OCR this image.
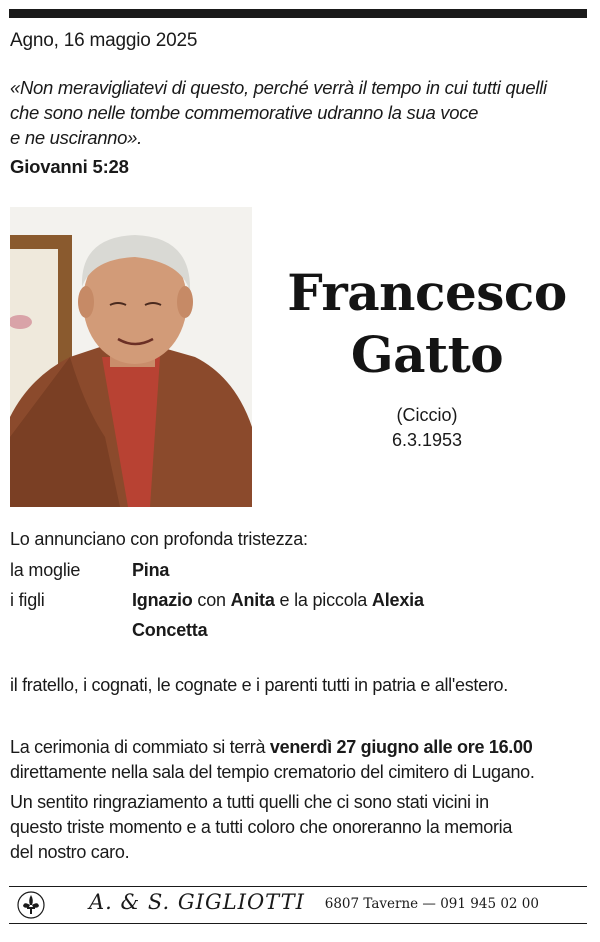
Agno, 16 maggio 2025
«Non meravigliatevi di questo, perché verrà il tempo in cui tutti quelli
che sono nelle tombe commemorative udranno la sua voce
e ne usciranno».
Giovanni 5:28
Francesco
Gatto
(Ciccio)
6.3.1953
Lo annunciano con profonda tristezza:
la moglie	Pina
i figli	Ignazio con Anita e la piccola Alexia
Concetta
il fratello, i cognati, le cognate e i parenti tutti in patria e all'estero.
La cerimonia di commiato si terrà venerdì 27 giugno alle ore 16.00
direttamente nella sala del tempio crematorio del cimitero di Lugano.
Un sentito ringraziamento a tutti quelli che ci sono stati vicini in
questo triste momento e a tutti coloro che onoreranno la memoria
del nostro caro.
A. & S. GIGLIOTTI 6807 Taverne — 091 945 02 00
